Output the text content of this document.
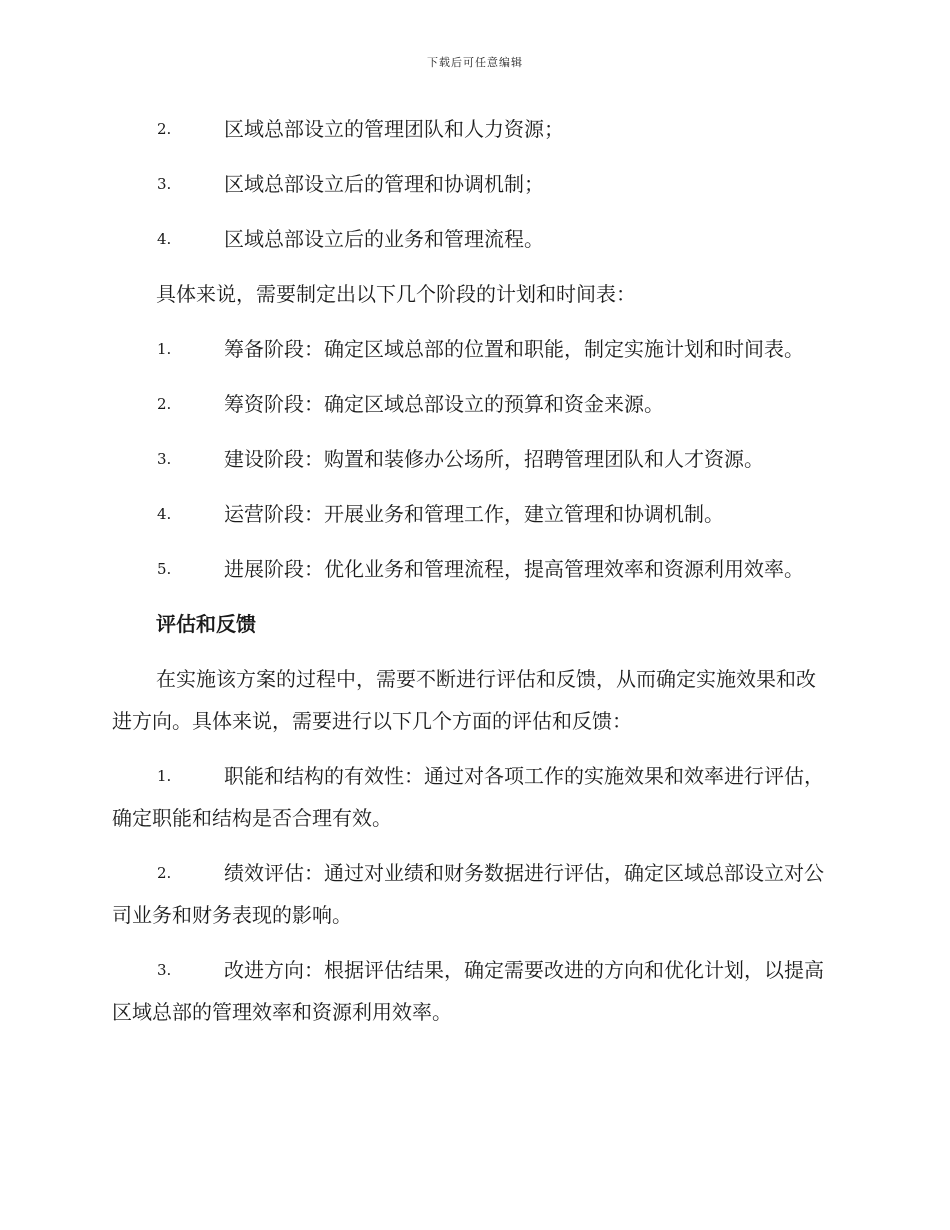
下载后可任意编辑
2.	区域总部设立的管理团队和人力资源；
3.	区域总部设立后的管理和协调机制；
4.	区域总部设立后的业务和管理流程。

具体来说，需要制定出以下几个阶段的计划和时间表：

1.	筹备阶段：确定区域总部的位置和职能，制定实施计划和时间表。
2.	筹资阶段：确定区域总部设立的预算和资金来源。
3.	建设阶段：购置和装修办公场所，招聘管理团队和人才资源。
4.	运营阶段：开展业务和管理工作，建立管理和协调机制。
5.	进展阶段：优化业务和管理流程，提高管理效率和资源利用效率。

评估和反馈

在实施该方案的过程中，需要不断进行评估和反馈，从而确定实施效果和改进方向。具体来说，需要进行以下几个方面的评估和反馈：

1.	职能和结构的有效性：通过对各项工作的实施效果和效率进行评估，确定职能和结构是否合理有效。
2.	绩效评估：通过对业绩和财务数据进行评估，确定区域总部设立对公司业务和财务表现的影响。
3.	改进方向：根据评估结果，确定需要改进的方向和优化计划，以提高区域总部的管理效率和资源利用效率。
